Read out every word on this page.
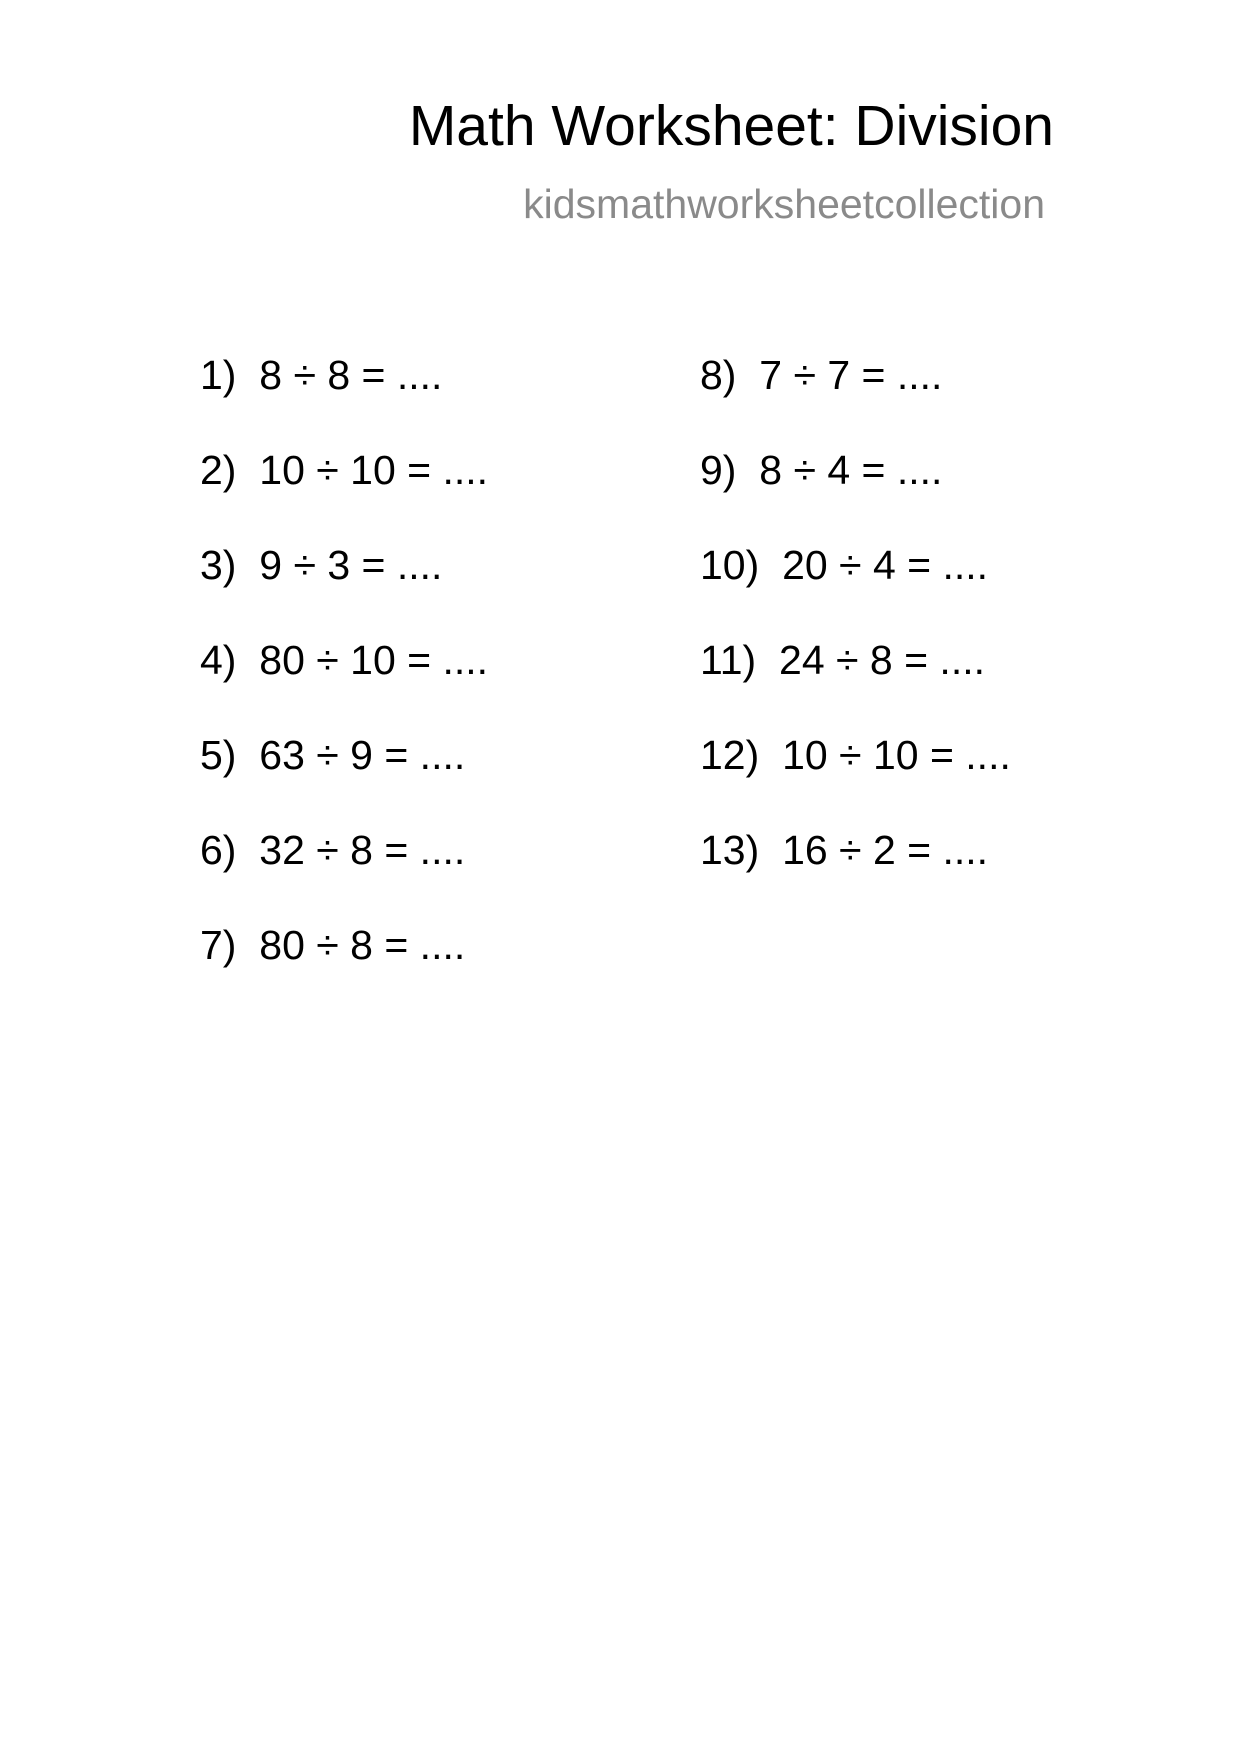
Math Worksheet: Division
kidsmathworksheetcollection
1) 8 ÷ 8 = ....
2) 10 ÷ 10 = ....
3) 9 ÷ 3 = ....
4) 80 ÷ 10 = ....
5) 63 ÷ 9 = ....
6) 32 ÷ 8 = ....
7) 80 ÷ 8 = ....
8) 7 ÷ 7 = ....
9) 8 ÷ 4 = ....
10) 20 ÷ 4 = ....
11) 24 ÷ 8 = ....
12) 10 ÷ 10 = ....
13) 16 ÷ 2 = ....
